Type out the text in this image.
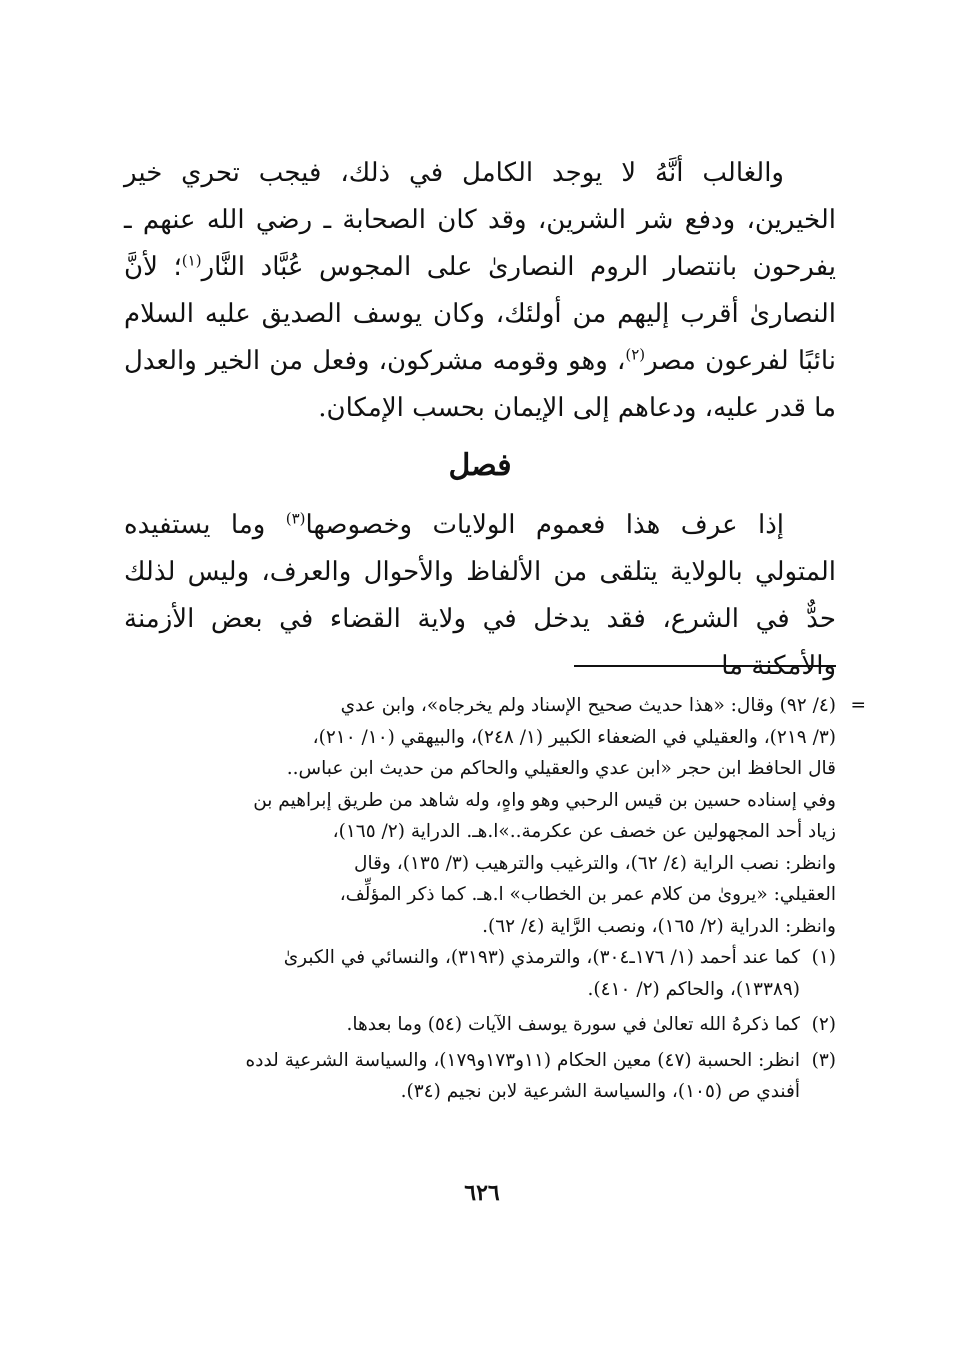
والغالب أنَّهُ لا يوجد الكامل في ذلك، فيجب تحري خير الخيرين، ودفع شر الشرين، وقد كان الصحابة ـ رضي الله عنهم ـ يفرحون بانتصار الروم النصارىٰ على المجوس عُبَّاد النَّار$^{(١)}$؛ لأنَّ النصارىٰ أقرب إليهم من أولئك، وكان يوسف الصديق عليه السلام نائبًا لفرعون مصر$^{(٢)}$، وهو وقومه مشركون، وفعل من الخير والعدل ما قدر عليه، ودعاهم إلى الإيمان بحسب الإمكان.

فصل

إذا عرف هذا فعموم الولايات وخصوصها$^{(٣)}$ وما يستفيده المتولي بالولاية يتلقى من الألفاظ والأحوال والعرف، وليس لذلك حدٌّ في الشرع، فقد يدخل في ولاية القضاء في بعض الأزمنة والأمكنة ما

=
(٤/ ٩٢) وقال: «هذا حديث صحيح الإسناد ولم يخرجاه»، وابن عدي
(٣/ ٢١٩)، والعقيلي في الضعفاء الكبير (١/ ٢٤٨)، والبيهقي (١٠/ ٢١٠)،
قال الحافظ ابن حجر «ابن عدي والعقيلي والحاكم من حديث ابن عباس..
وفي إسناده حسين بن قيس الرحبي وهو واهٍ، وله شاهد من طريق إبراهيم بن
زياد أحد المجهولين عن خصف عن عكرمة..»ا.هـ. الدراية (٢/ ١٦٥)،
وانظر: نصب الراية (٤/ ٦٢)، والترغيب والترهيب (٣/ ١٣٥)، وقال
العقيلي: «يروىٰ من كلام عمر بن الخطاب» ا.هـ. كما ذكر المؤلِّف،
وانظر: الدراية (٢/ ١٦٥)، ونصب الرَّاية (٤/ ٦٢).
(١)
كما عند أحمد (١/ ١٧٦ـ٣٠٤)، والترمذي (٣١٩٣)، والنسائي في الكبرىٰ
(١٣٣٨٩)، والحاكم (٢/ ٤١٠).
(٢)
كما ذكرهُ الله تعالىٰ في سورة يوسف الآيات (٥٤) وما بعدها.
(٣)
انظر: الحسبة (٤٧) معين الحكام (١١و١٧٣و١٧٩)، والسياسة الشرعية لدده
أفندي ص (١٠٥)، والسياسة الشرعية لابن نجيم (٣٤).
٦٢٦
